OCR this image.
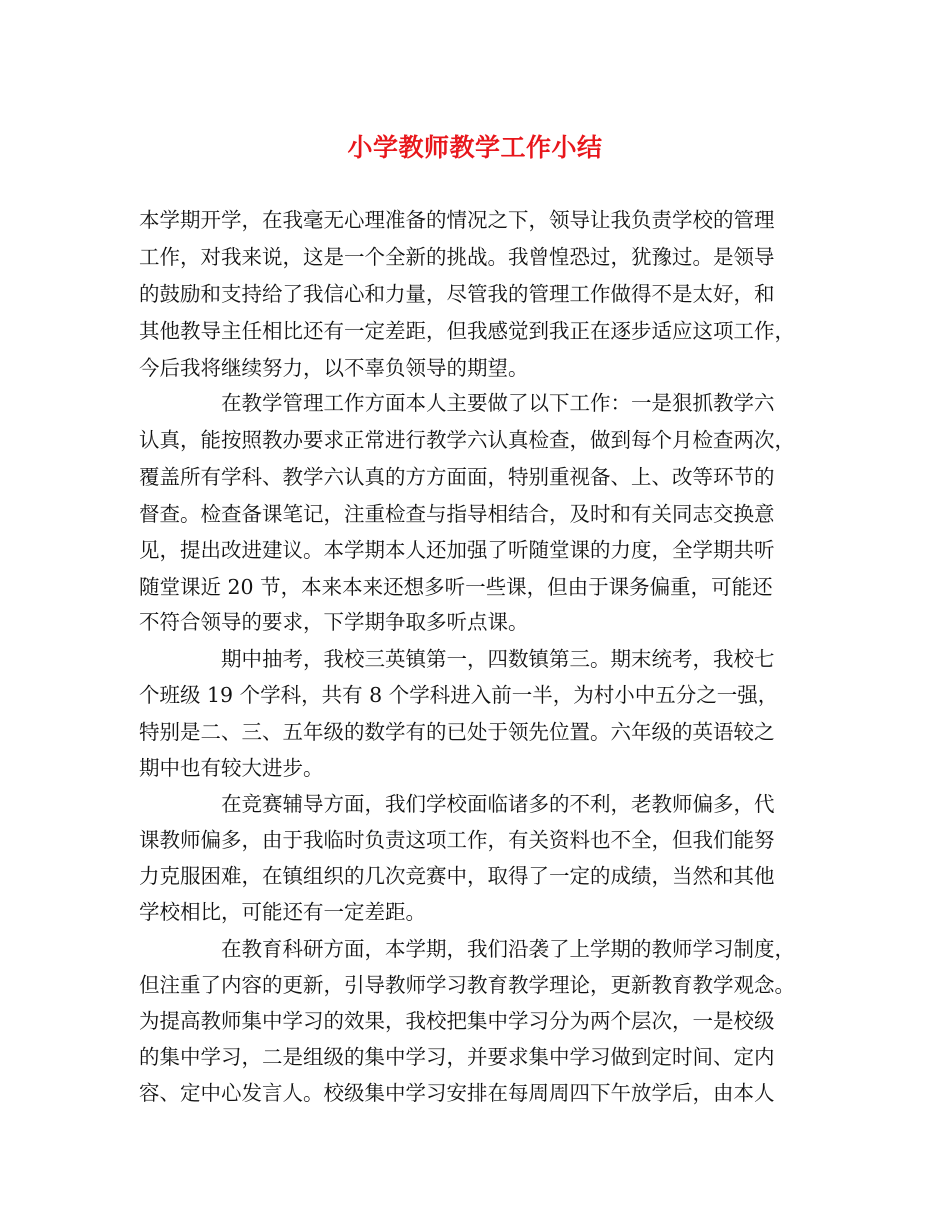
小学教师教学工作小结
本学期开学，在我毫无心理准备的情况之下，领导让我负责学校的管理
工作，对我来说，这是一个全新的挑战。我曾惶恐过，犹豫过。是领导
的鼓励和支持给了我信心和力量，尽管我的管理工作做得不是太好，和
其他教导主任相比还有一定差距，但我感觉到我正在逐步适应这项工作，
今后我将继续努力，以不辜负领导的期望。
　　　　在教学管理工作方面本人主要做了以下工作：一是狠抓教学六
认真，能按照教办要求正常进行教学六认真检查，做到每个月检查两次，
覆盖所有学科、教学六认真的方方面面，特别重视备、上、改等环节的
督查。检查备课笔记，注重检查与指导相结合，及时和有关同志交换意
见，提出改进建议。本学期本人还加强了听随堂课的力度，全学期共听
随堂课近 20 节，本来本来还想多听一些课，但由于课务偏重，可能还
不符合领导的要求，下学期争取多听点课。
　　　　期中抽考，我校三英镇第一，四数镇第三。期末统考，我校七
个班级 19 个学科，共有 8 个学科进入前一半，为村小中五分之一强，
特别是二、三、五年级的数学有的已处于领先位置。六年级的英语较之
期中也有较大进步。
　　　　在竞赛辅导方面，我们学校面临诸多的不利，老教师偏多，代
课教师偏多，由于我临时负责这项工作，有关资料也不全，但我们能努
力克服困难，在镇组织的几次竞赛中，取得了一定的成绩，当然和其他
学校相比，可能还有一定差距。
　　　　在教育科研方面，本学期，我们沿袭了上学期的教师学习制度，
但注重了内容的更新，引导教师学习教育教学理论，更新教育教学观念。
为提高教师集中学习的效果，我校把集中学习分为两个层次，一是校级
的集中学习，二是组级的集中学习，并要求集中学习做到定时间、定内
容、定中心发言人。校级集中学习安排在每周周四下午放学后，由本人
